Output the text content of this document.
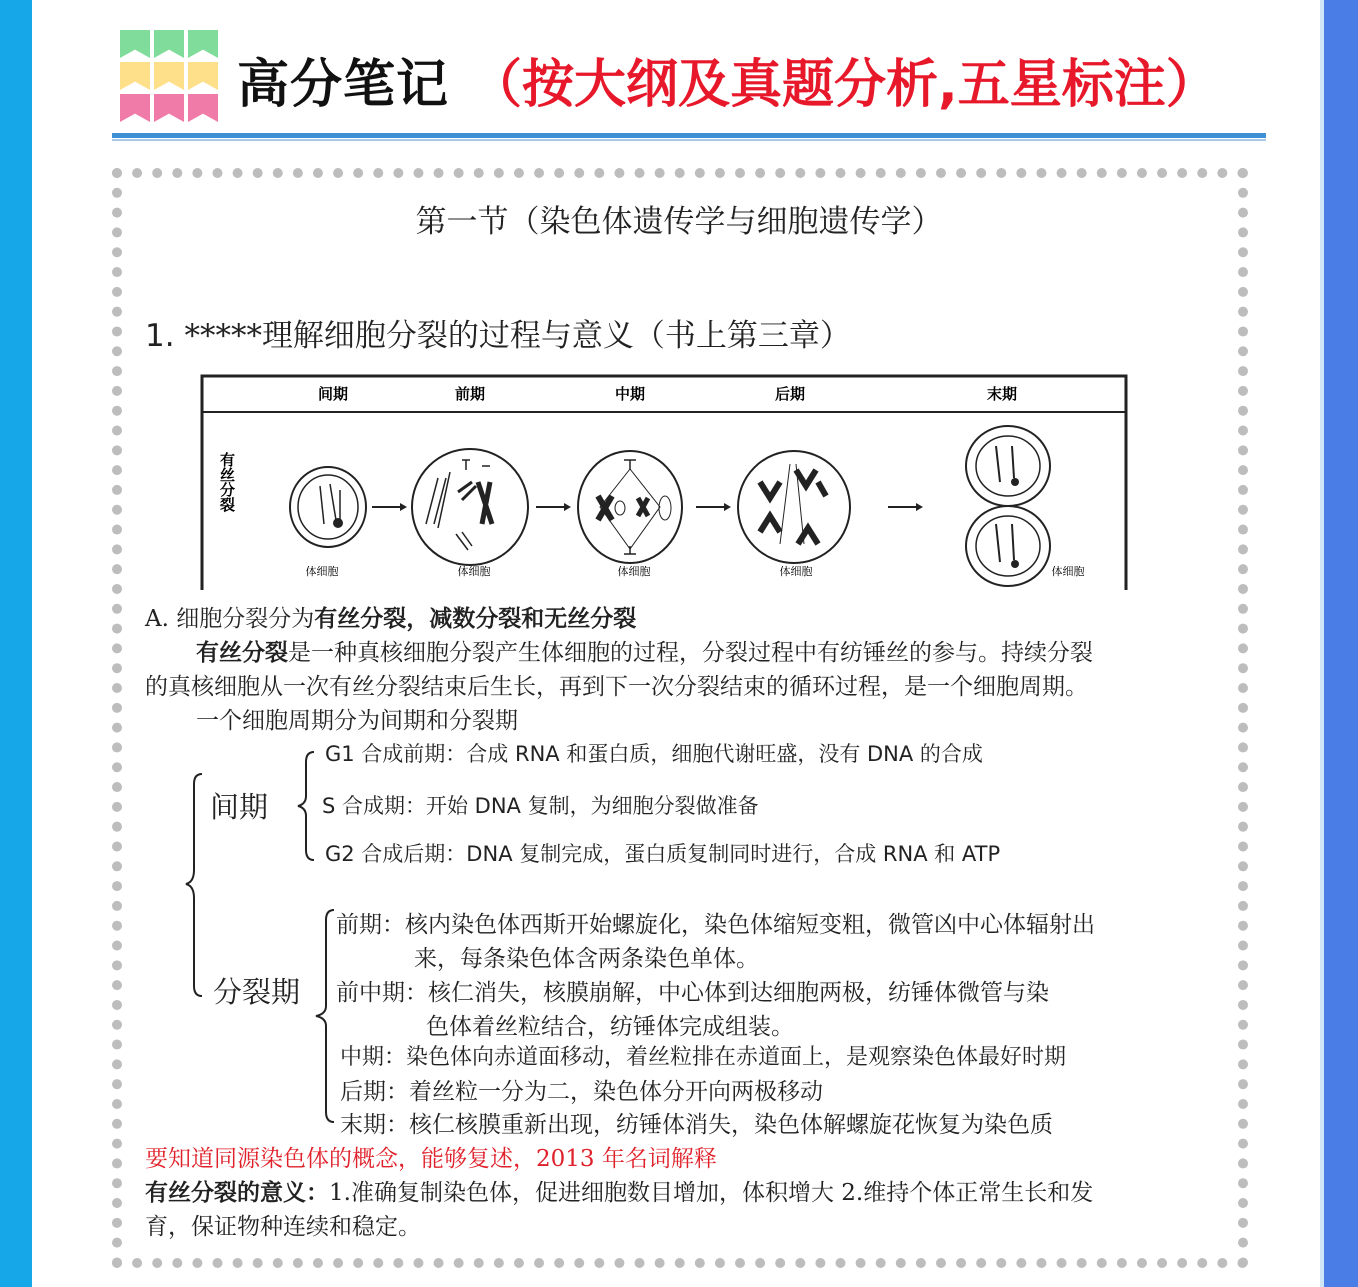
高分笔记 （按大纲及真题分析,五星标注）
第一节（染色体遗传学与细胞遗传学）
1. *****理解细胞分裂的过程与意义（书上第三章）
间期	前期	中期	后期	末期
有丝分裂
体细胞	体细胞	体细胞	体细胞	体细胞
A. 细胞分裂分为有丝分裂，减数分裂和无丝分裂
有丝分裂是一种真核细胞分裂产生体细胞的过程，分裂过程中有纺锤丝的参与。持续分裂
的真核细胞从一次有丝分裂结束后生长，再到下一次分裂结束的循环过程，是一个细胞周期。
一个细胞周期分为间期和分裂期
间期
G1 合成前期：合成 RNA 和蛋白质，细胞代谢旺盛，没有 DNA 的合成
S 合成期：开始 DNA 复制，为细胞分裂做准备
G2 合成后期：DNA 复制完成，蛋白质复制同时进行，合成 RNA 和 ATP
分裂期
前期：核内染色体西斯开始螺旋化，染色体缩短变粗，微管凶中心体辐射出
来，每条染色体含两条染色单体。
前中期：核仁消失，核膜崩解，中心体到达细胞两极，纺锤体微管与染
色体着丝粒结合，纺锤体完成组装。
中期：染色体向赤道面移动，着丝粒排在赤道面上，是观察染色体最好时期
后期：着丝粒一分为二，染色体分开向两极移动
末期：核仁核膜重新出现，纺锤体消失，染色体解螺旋花恢复为染色质
要知道同源染色体的概念，能够复述，2013 年名词解释
有丝分裂的意义：1.准确复制染色体，促进细胞数目增加，体积增大 2.维持个体正常生长和发
育，保证物种连续和稳定。
